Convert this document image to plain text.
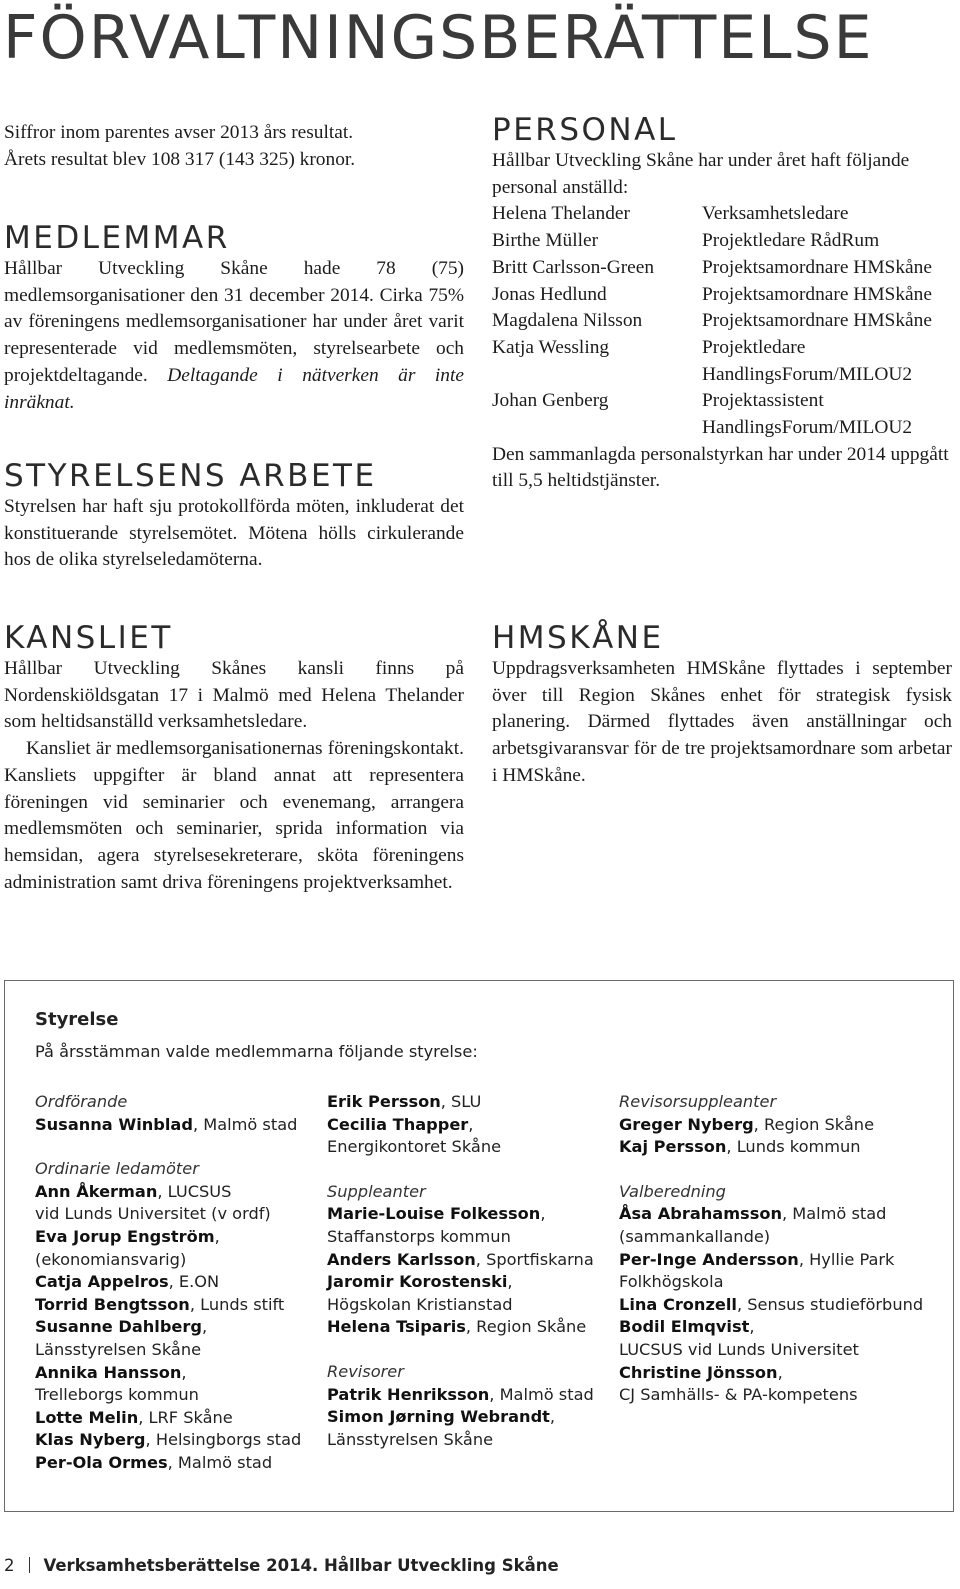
FÖRVALTNINGSBERÄTTELSE

Siffror inom parentes avser 2013 års resultat.

Årets resultat blev 108 317 (143 325) kronor.

MEDLEMMAR

Hållbar Utveckling Skåne hade 78 (75) medlemsorganisationer den 31 december 2014. Cirka 75% av föreningens medlemsorganisationer har under året varit representerade vid medlemsmöten, styrelsearbete och projektdeltagande. Deltagande i nätverken är inte inräknat.

STYRELSENS ARBETE

Styrelsen har haft sju protokollförda möten, inkluderat det konstituerande styrelsemötet. Mötena hölls cirkulerande hos de olika styrelseledamöterna.

PERSONAL

Hållbar Utveckling Skåne har under året haft följande personal anställd:

Helena Thelander	Verksamhetsledare
Birthe Müller	Projektledare RådRum
Britt Carlsson-Green	Projektsamordnare HMSkåne
Jonas Hedlund	Projektsamordnare HMSkåne
Magdalena Nilsson	Projektsamordnare HMSkåne
Katja Wessling	Projektledare HandlingsForum/MILOU2
Johan Genberg	Projektassistent HandlingsForum/MILOU2

Den sammanlagda personalstyrkan har under 2014 uppgått till 5,5 heltidstjänster.

KANSLIET

Hållbar Utveckling Skånes kansli finns på Nordenskiöldsgatan 17 i Malmö med Helena Thelander som heltidsanställd verksamhetsledare.

Kansliet är medlemsorganisationernas föreningskontakt. Kansliets uppgifter är bland annat att representera föreningen vid seminarier och evenemang, arrangera medlemsmöten och seminarier, sprida information via hemsidan, agera styrelsesekreterare, sköta föreningens administration samt driva föreningens projektverksamhet.

HMSKÅNE

Uppdragsverksamheten HMSkåne flyttades i september över till Region Skånes enhet för strategisk fysisk planering. Därmed flyttades även anställningar och arbetsgivaransvar för de tre projektsamordnare som arbetar i HMSkåne.

Styrelse

På årsstämman valde medlemmarna följande styrelse:

Ordförande
Susanna Winblad, Malmö stad
Ordinarie ledamöter
Ann Åkerman, LUCSUS
vid Lunds Universitet (v ordf)
Eva Jorup Engström,
(ekonomiansvarig)
Catja Appelros, E.ON
Torrid Bengtsson, Lunds stift
Susanne Dahlberg,
Länsstyrelsen Skåne
Annika Hansson,
Trelleborgs kommun
Lotte Melin, LRF Skåne
Klas Nyberg, Helsingborgs stad
Per-Ola Ormes, Malmö stad
Erik Persson, SLU
Cecilia Thapper,
Energikontoret Skåne
Suppleanter
Marie-Louise Folkesson,
Staffanstorps kommun
Anders Karlsson, Sportfiskarna
Jaromir Korostenski,
Högskolan Kristianstad
Helena Tsiparis, Region Skåne
Revisorer
Patrik Henriksson, Malmö stad
Simon Jørning Webrandt,
Länsstyrelsen Skåne
Revisorsuppleanter
Greger Nyberg, Region Skåne
Kaj Persson, Lunds kommun
Valberedning
Åsa Abrahamsson, Malmö stad
(sammankallande)
Per-Inge Andersson, Hyllie Park
Folkhögskola
Lina Cronzell, Sensus studieförbund
Bodil Elmqvist,
LUCSUS vid Lunds Universitet
Christine Jönsson,
CJ Samhälls- & PA-kompetens
2 Verksamhetsberättelse 2014. Hållbar Utveckling Skåne
